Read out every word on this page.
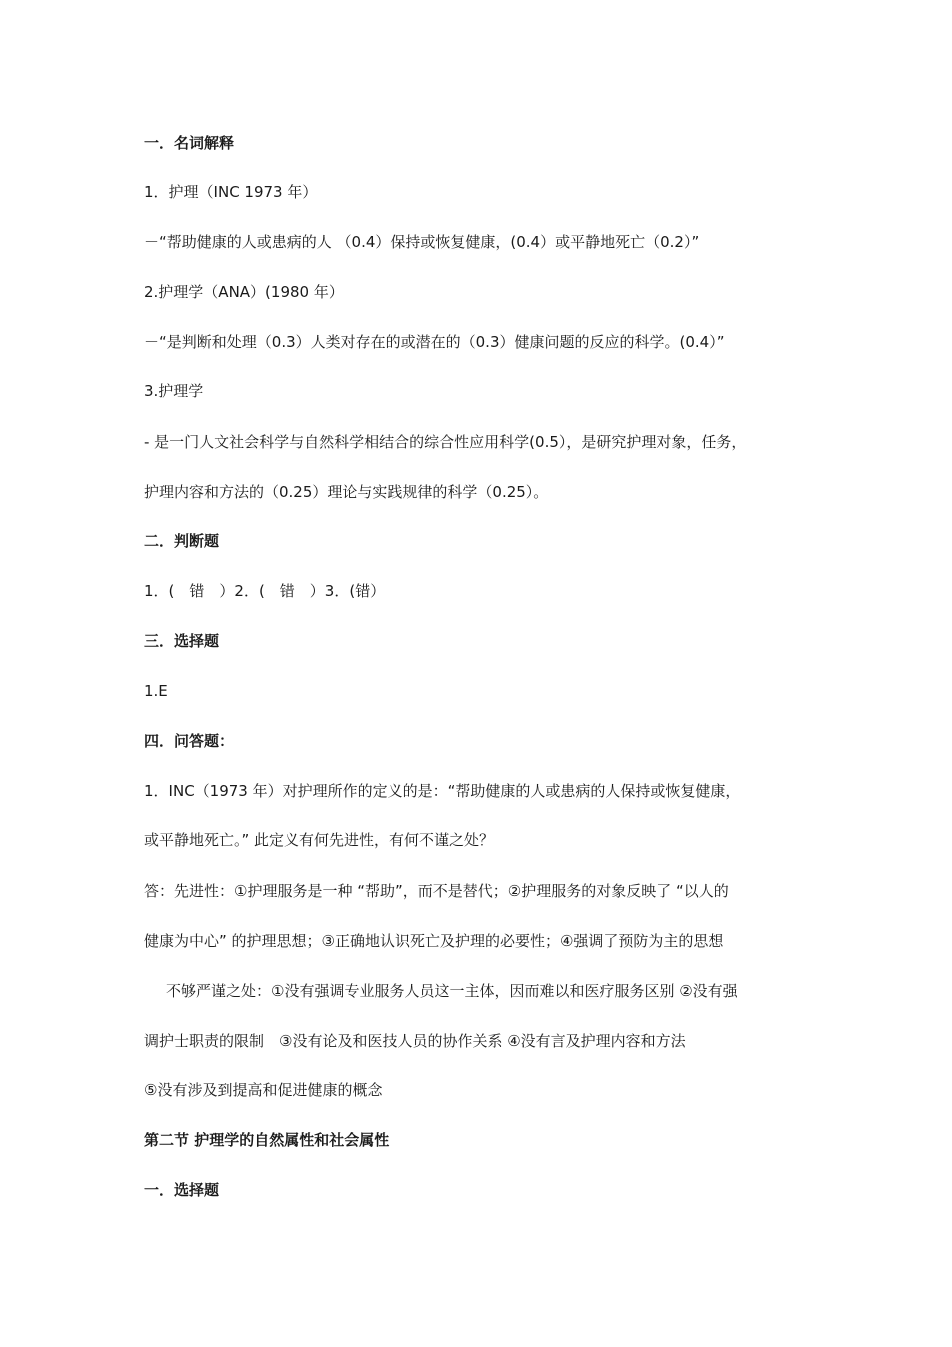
一．名词解释
1．护理（INC 1973 年）
－“帮助健康的人或患病的人 （0.4）保持或恢复健康，(0.4）或平静地死亡（0.2）”
2.护理学（ANA）(1980 年）
－“是判断和处理（0.3）人类对存在的或潜在的（0.3）健康问题的反应的科学。(0.4）”
3.护理学
- 是一门人文社会科学与自然科学相结合的综合性应用科学(0.5），是研究护理对象，任务，
护理内容和方法的（0.25）理论与实践规律的科学（0.25）。
二．判断题
1．(　错　）2．(　错　）3．(错）
三．选择题
1.E
四．问答题：
1．INC（1973 年）对护理所作的定义的是：“帮助健康的人或患病的人保持或恢复健康，
或平静地死亡。” 此定义有何先进性，有何不谨之处？
答：先进性：①护理服务是一种 “帮助”，而不是替代；②护理服务的对象反映了 “以人的
健康为中心” 的护理思想；③正确地认识死亡及护理的必要性；④强调了预防为主的思想
不够严谨之处：①没有强调专业服务人员这一主体，因而难以和医疗服务区别 ②没有强
调护士职责的限制　③没有论及和医技人员的协作关系 ④没有言及护理内容和方法
⑤没有涉及到提高和促进健康的概念
第二节 护理学的自然属性和社会属性
一．选择题
